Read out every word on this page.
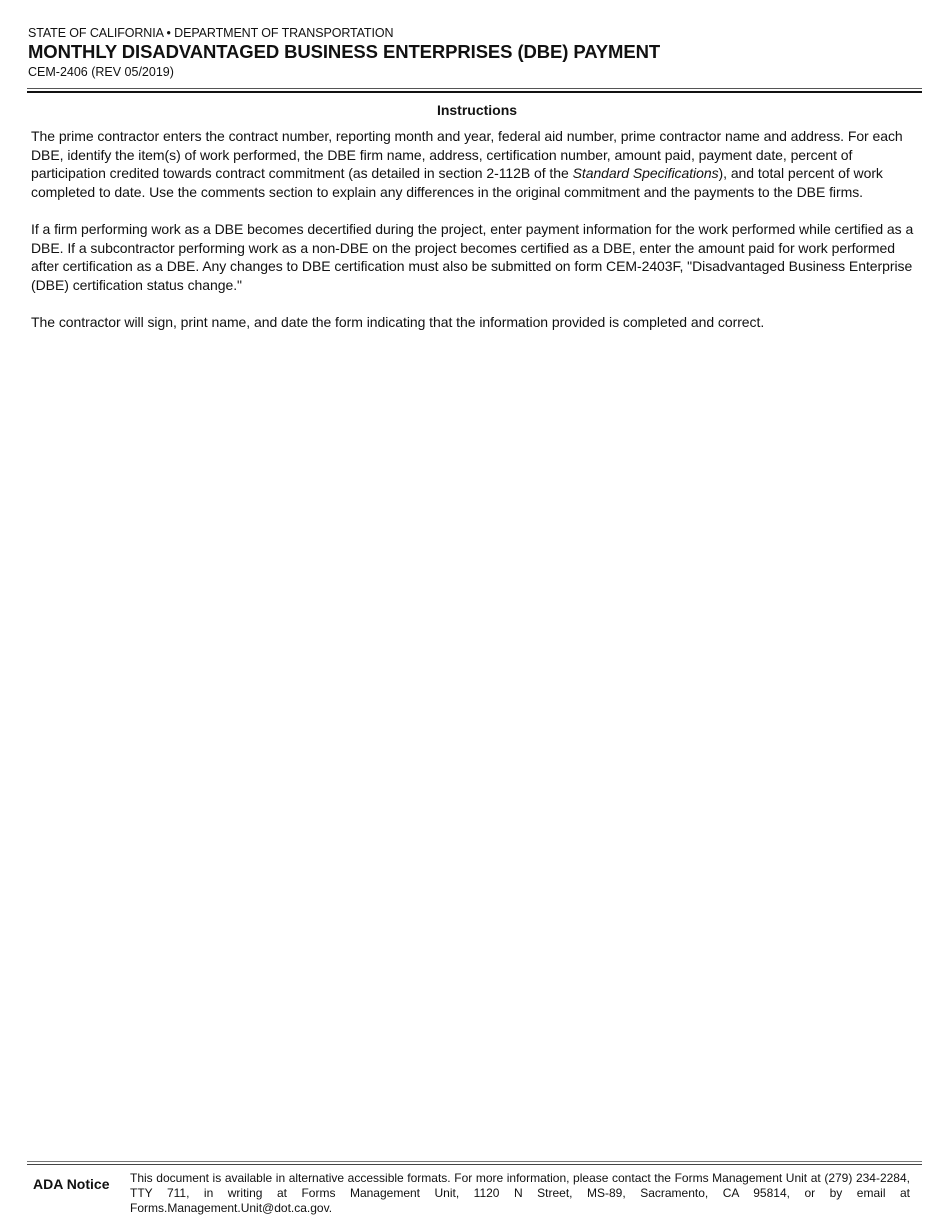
STATE OF CALIFORNIA • DEPARTMENT OF TRANSPORTATION
MONTHLY DISADVANTAGED BUSINESS ENTERPRISES (DBE) PAYMENT
CEM-2406 (REV 05/2019)
Instructions

The prime contractor enters the contract number, reporting month and year, federal aid number, prime contractor name and address. For each DBE, identify the item(s) of work performed, the DBE firm name, address, certification number, amount paid, payment date, percent of participation credited towards contract commitment (as detailed in section 2-112B of the Standard Specifications), and total percent of work completed to date. Use the comments section to explain any differences in the original commitment and the payments to the DBE firms.

If a firm performing work as a DBE becomes decertified during the project, enter payment information for the work performed while certified as a DBE. If a subcontractor performing work as a non-DBE on the project becomes certified as a DBE, enter the amount paid for work performed after certification as a DBE. Any changes to DBE certification must also be submitted on form CEM-2403F, "Disadvantaged Business Enterprise (DBE) certification status change."

The contractor will sign, print name, and date the form indicating that the information provided is completed and correct.

ADA Notice	This document is available in alternative accessible formats. For more information, please contact the Forms Management Unit at (279) 234-2284, TTY 711, in writing at Forms Management Unit, 1120 N Street, MS-89, Sacramento, CA 95814, or by email at Forms.Management.Unit@dot.ca.gov.
